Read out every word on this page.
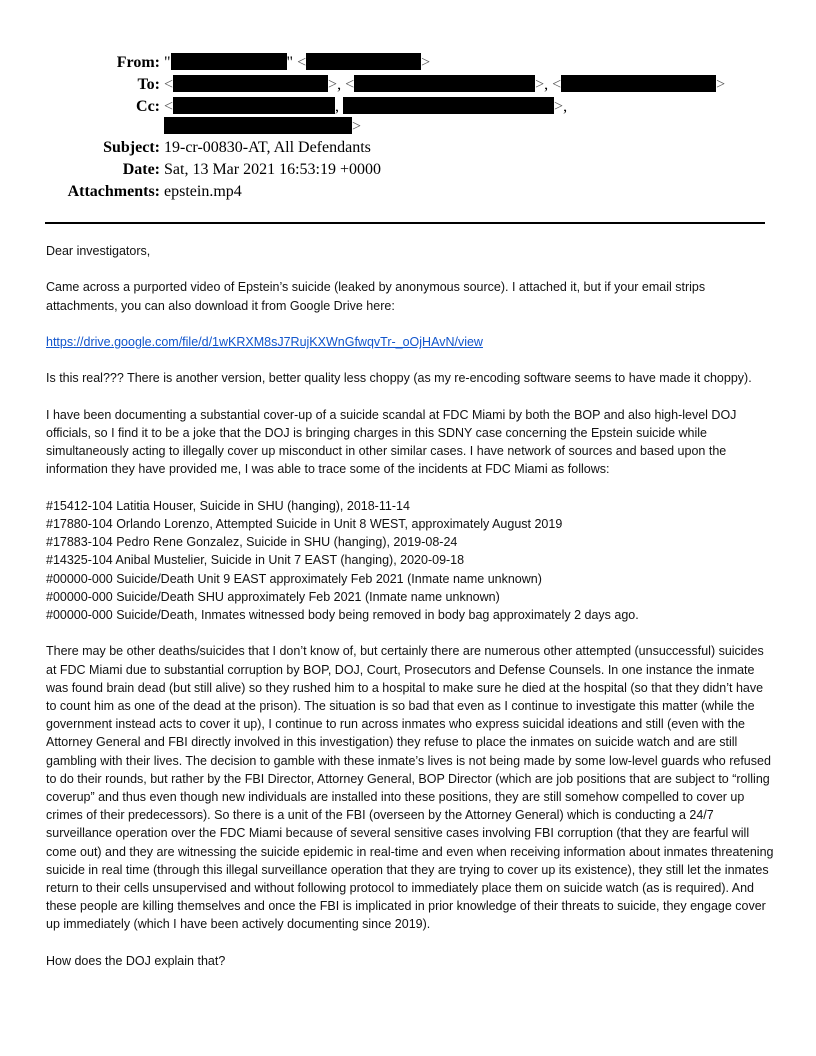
From: "	" <	>
To: <	>, <	>, <	>
Cc: <	,	>,
>
Subject: 19-cr-00830-AT, All Defendants
Date: Sat, 13 Mar 2021 16:53:19 +0000
Attachments: epstein.mp4

Dear investigators,

Came across a purported video of Epstein’s suicide (leaked by anonymous source). I attached it, but if your email strips attachments, you can also download it from Google Drive here:

https://drive.google.com/file/d/1wKRXM8sJ7RujKXWnGfwqvTr-_oOjHAvN/view

Is this real??? There is another version, better quality less choppy (as my re-encoding software seems to have made it choppy).

I have been documenting a substantial cover-up of a suicide scandal at FDC Miami by both the BOP and also high-level DOJ officials, so I find it to be a joke that the DOJ is bringing charges in this SDNY case concerning the Epstein suicide while simultaneously acting to illegally cover up misconduct in other similar cases. I have network of sources and based upon the information they have provided me, I was able to trace some of the incidents at FDC Miami as follows:

#15412-104 Latitia Houser, Suicide in SHU (hanging), 2018-11-14
#17880-104 Orlando Lorenzo, Attempted Suicide in Unit 8 WEST, approximately August 2019
#17883-104 Pedro Rene Gonzalez, Suicide in SHU (hanging), 2019-08-24
#14325-104 Anibal Mustelier, Suicide in Unit 7 EAST (hanging), 2020-09-18
#00000-000 Suicide/Death Unit 9 EAST approximately Feb 2021 (Inmate name unknown)
#00000-000 Suicide/Death SHU approximately Feb 2021 (Inmate name unknown)
#00000-000 Suicide/Death, Inmates witnessed body being removed in body bag approximately 2 days ago.

There may be other deaths/suicides that I don’t know of, but certainly there are numerous other attempted (unsuccessful) suicides at FDC Miami due to substantial corruption by BOP, DOJ, Court, Prosecutors and Defense Counsels. In one instance the inmate was found brain dead (but still alive) so they rushed him to a hospital to make sure he died at the hospital (so that they didn’t have to count him as one of the dead at the prison). The situation is so bad that even as I continue to investigate this matter (while the government instead acts to cover it up), I continue to run across inmates who express suicidal ideations and still (even with the Attorney General and FBI directly involved in this investigation) they refuse to place the inmates on suicide watch and are still gambling with their lives. The decision to gamble with these inmate’s lives is not being made by some low-level guards who refused to do their rounds, but rather by the FBI Director, Attorney General, BOP Director (which are job positions that are subject to “rolling coverup” and thus even though new individuals are installed into these positions, they are still somehow compelled to cover up crimes of their predecessors). So there is a unit of the FBI (overseen by the Attorney General) which is conducting a 24/7 surveillance operation over the FDC Miami because of several sensitive cases involving FBI corruption (that they are fearful will come out) and they are witnessing the suicide epidemic in real-time and even when receiving information about inmates threatening suicide in real time (through this illegal surveillance operation that they are trying to cover up its existence), they still let the inmates return to their cells unsupervised and without following protocol to immediately place them on suicide watch (as is required). And these people are killing themselves and once the FBI is implicated in prior knowledge of their threats to suicide, they engage cover up immediately (which I have been actively documenting since 2019).

How does the DOJ explain that?
